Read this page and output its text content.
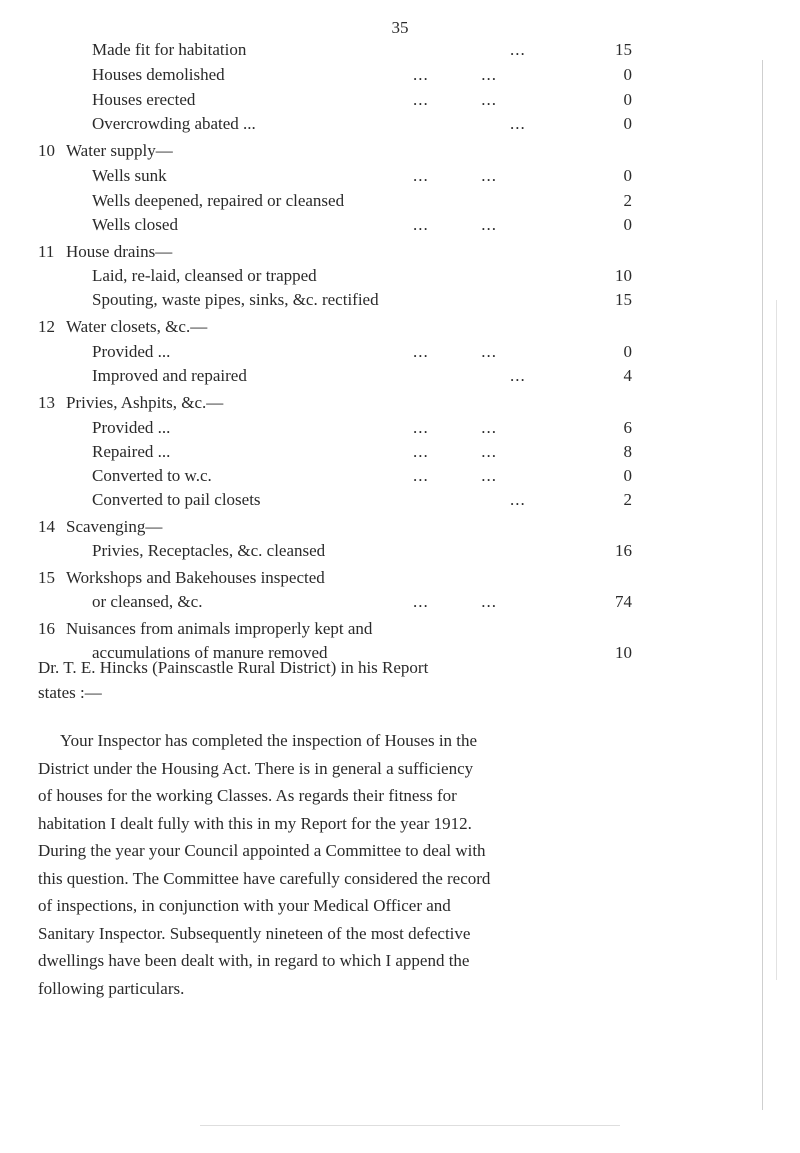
35
Made fit for habitation	...	15
Houses demolished	...          ...	0
Houses erected	...          ...	0
Overcrowding abated ...	...	0
10 Water supply—
Wells sunk	...          ...	0
Wells deepened, repaired or cleansed	2
Wells closed	...          ...	0
11 House drains—
Laid, re-laid, cleansed or trapped	10
Spouting, waste pipes, sinks, &c. rectified	15
12 Water closets, &c.—
Provided ...	...          ...	0
Improved and repaired	...	4
13 Privies, Ashpits, &c.—
Provided ...	...          ...	6
Repaired ...	...          ...	8
Converted to w.c.	...          ...	0
Converted to pail closets	...	2
14 Scavenging—
Privies, Receptacles, &c. cleansed	16
15 Workshops and Bakehouses inspected
or cleansed, &c.	...          ...	74
16 Nuisances from animals improperly kept and
accumulations of manure removed	10
Dr. T. E. Hincks (Painscastle Rural District) in his Report
states :—
Your Inspector has completed the inspection of Houses in the
District under the Housing Act. There is in general a sufficiency
of houses for the working Classes. As regards their fitness for
habitation I dealt fully with this in my Report for the year 1912.
During the year your Council appointed a Committee to deal with
this question. The Committee have carefully considered the record
of inspections, in conjunction with your Medical Officer and
Sanitary Inspector. Subsequently nineteen of the most defective
dwellings have been dealt with, in regard to which I append the
following particulars.
